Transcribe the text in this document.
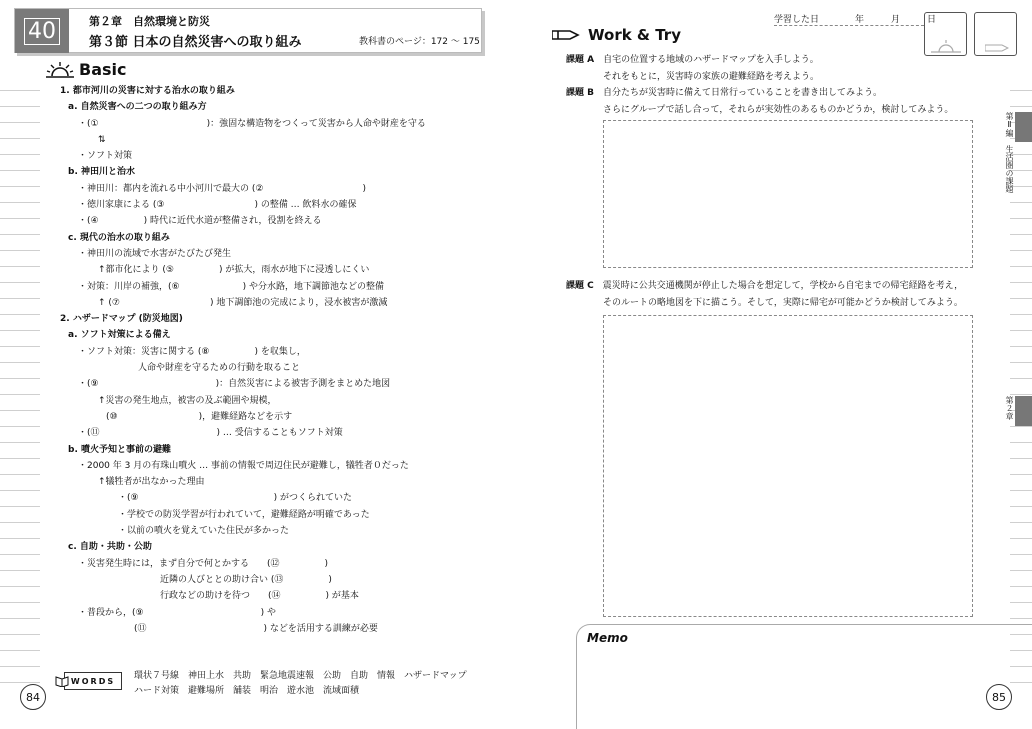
40	第２章　自然環境と防災
第３節 日本の自然災害への取り組み	教科書のページ：172 ～ 175
Basic
1. 都市河川の災害に対する治水の取り組み
a. 自然災害への二つの取り組み方
・(①　　　　　　　　　　　　)：強固な構造物をつくって災害から人命や財産を守る
⇅
・ソフト対策
b. 神田川と治水
・神田川：都内を流れる中小河川で最大の (②　　　　　　　　　　　)
・徳川家康による (③　　　　　　　　　　) の整備 … 飲料水の確保
・(④　　　　　) 時代に近代水道が整備され，役割を終える
c. 現代の治水の取り組み
・神田川の流域で水害がたびたび発生
↑都市化により (⑤　　　　　) が拡大，雨水が地下に浸透しにくい
・対策：川岸の補強，(⑥　　　　　　　) や分水路，地下調節池などの整備
↑ (⑦　　　　　　　　　　) 地下調節池の完成により，浸水被害が激減
2. ハザードマップ (防災地図)
a. ソフト対策による備え
・ソフト対策：災害に関する (⑧　　　　　) を収集し，
人命や財産を守るための行動を取ること
・(⑨　　　　　　　　　　　　　)：自然災害による被害予測をまとめた地図
↑災害の発生地点，被害の及ぶ範囲や規模，
(⑩　　　　　　　　　)，避難経路などを示す
・(⑪　　　　　　　　　　　　　) … 受信することもソフト対策
b. 噴火予知と事前の避難
・2000 年 3 月の有珠山噴火 … 事前の情報で周辺住民が避難し，犠牲者０だった
↑犠牲者が出なかった理由
・(⑨　　　　　　　　　　　　　　　) がつくられていた
・学校での防災学習が行われていて，避難経路が明確であった
・以前の噴火を覚えていた住民が多かった
c. 自助・共助・公助
・災害発生時には，まず自分で何とかする　　(⑫　　　　　)
近隣の人びととの助け合い (⑬　　　　　)
行政などの助けを待つ　　(⑭　　　　　) が基本
・普段から，(⑨　　　　　　　　　　　　　) や
(⑪　　　　　　　　　　　　　) などを活用する訓練が必要
WORDS 環状７号線　神田上水　共助　緊急地震速報　公助　自助　情報　ハザードマップ
ハード対策　避難場所　舗装　明治　遊水池　流域面積
84
Work & Try
学習した日　　　　年　　　月　　　日
課題 A　 自宅の位置する地域のハザードマップを入手しよう。
それをもとに，災害時の家族の避難経路を考えよう。
課題 B　 自分たちが災害時に備えて日常行っていることを書き出してみよう。
さらにグループで話し合って，それらが実効性のあるものかどうか，検討してみよう。
課題 C　 震災時に公共交通機関が停止した場合を想定して，学校から自宅までの帰宅経路を考え，
そのルートの略地図を下に描こう。そして，実際に帰宅が可能かどうか検討してみよう。
Memo
第Ⅱ編　生活圏の課題
第２章
85
